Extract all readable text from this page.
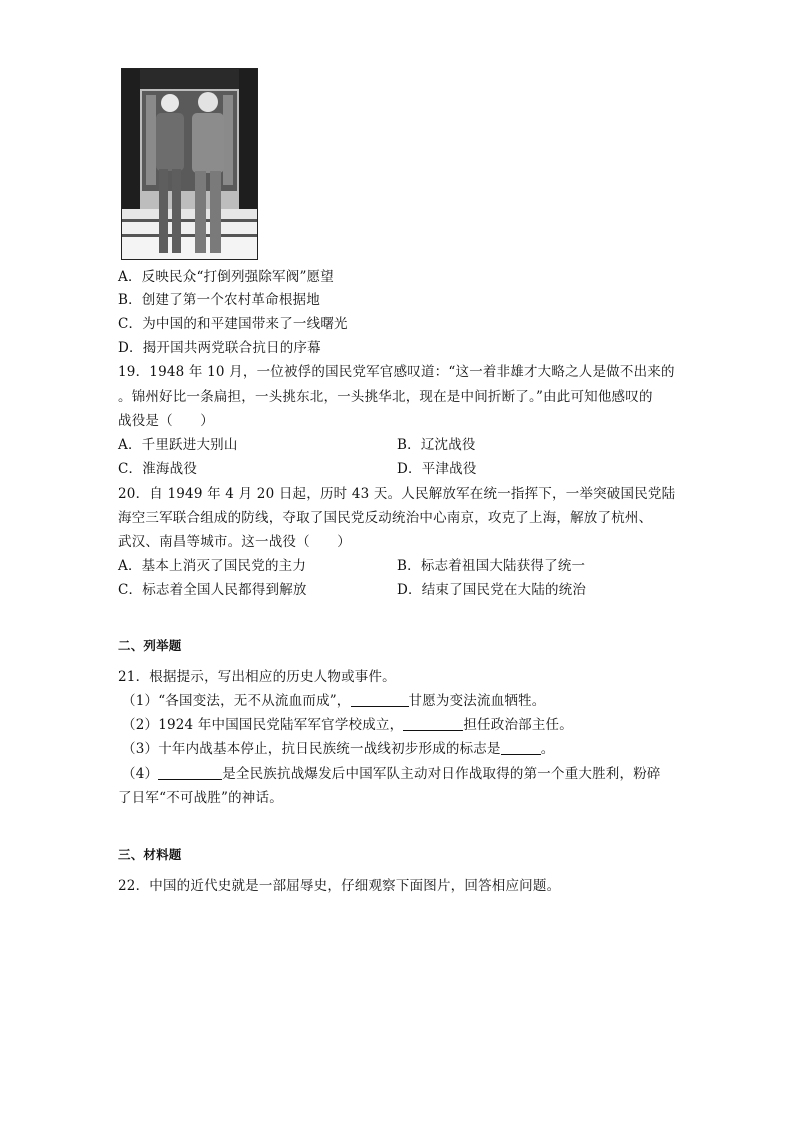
A．反映民众“打倒列强除军阀”愿望
B．创建了第一个农村革命根据地
C．为中国的和平建国带来了一线曙光
D．揭开国共两党联合抗日的序幕
19．1948 年 10 月，一位被俘的国民党军官感叹道：“这一着非雄才大略之人是做不出来的
。锦州好比一条扁担，一头挑东北，一头挑华北，现在是中间折断了。”由此可知他感叹的
战役是（　　）
A．千里跃进大别山	B．辽沈战役
C．淮海战役	D．平津战役
20．自 1949 年 4 月 20 日起，历时 43 天。人民解放军在统一指挥下，一举突破国民党陆
海空三军联合组成的防线，夺取了国民党反动统治中心南京，攻克了上海，解放了杭州、
武汉、南昌等城市。这一战役（　　）
A．基本上消灭了国民党的主力	B．标志着祖国大陆获得了统一
C．标志着全国人民都得到解放	D．结束了国民党在大陆的统治
二、列举题
21．根据提示，写出相应的历史人物或事件。
（1）“各国变法，无不从流血而成”，	甘愿为变法流血牺牲。
（2）1924 年中国国民党陆军军官学校成立，	担任政治部主任。
（3）十年内战基本停止，抗日民族统一战线初步形成的标志是	。
（4）	是全民族抗战爆发后中国军队主动对日作战取得的第一个重大胜利，粉碎
了日军“不可战胜”的神话。
三、材料题
22．中国的近代史就是一部屈辱史，仔细观察下面图片，回答相应问题。
